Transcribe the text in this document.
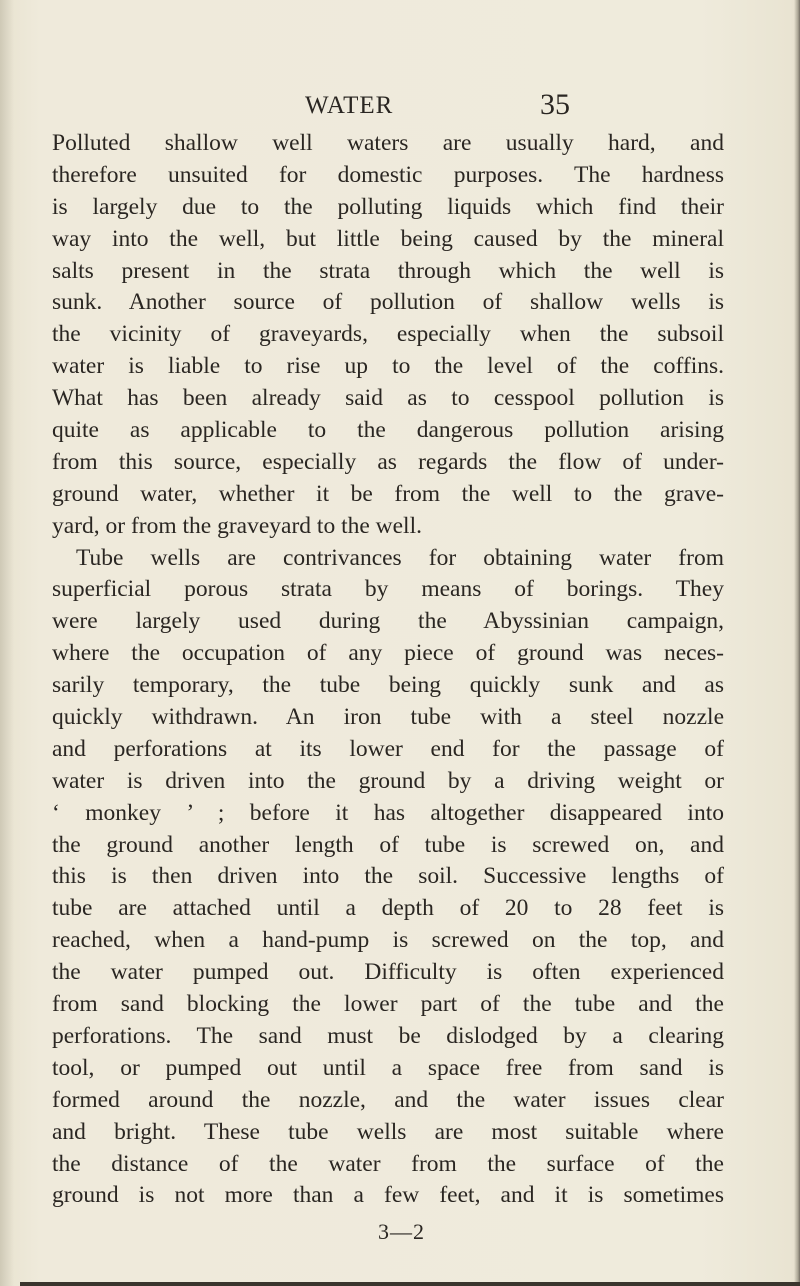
WATER	35
Polluted shallow well waters are usually hard, and
therefore unsuited for domestic purposes. The hardness
is largely due to the polluting liquids which find their
way into the well, but little being caused by the mineral
salts present in the strata through which the well is
sunk. Another source of pollution of shallow wells is
the vicinity of graveyards, especially when the subsoil
water is liable to rise up to the level of the coffins.
What has been already said as to cesspool pollution is
quite as applicable to the dangerous pollution arising
from this source, especially as regards the flow of under-
ground water, whether it be from the well to the grave-
yard, or from the graveyard to the well.
Tube wells are contrivances for obtaining water from
superficial porous strata by means of borings. They
were largely used during the Abyssinian campaign,
where the occupation of any piece of ground was neces-
sarily temporary, the tube being quickly sunk and as
quickly withdrawn. An iron tube with a steel nozzle
and perforations at its lower end for the passage of
water is driven into the ground by a driving weight or
‘ monkey ’ ; before it has altogether disappeared into
the ground another length of tube is screwed on, and
this is then driven into the soil. Successive lengths of
tube are attached until a depth of 20 to 28 feet is
reached, when a hand-pump is screwed on the top, and
the water pumped out. Difficulty is often experienced
from sand blocking the lower part of the tube and the
perforations. The sand must be dislodged by a clearing
tool, or pumped out until a space free from sand is
formed around the nozzle, and the water issues clear
and bright. These tube wells are most suitable where
the distance of the water from the surface of the
ground is not more than a few feet, and it is sometimes
3—2
